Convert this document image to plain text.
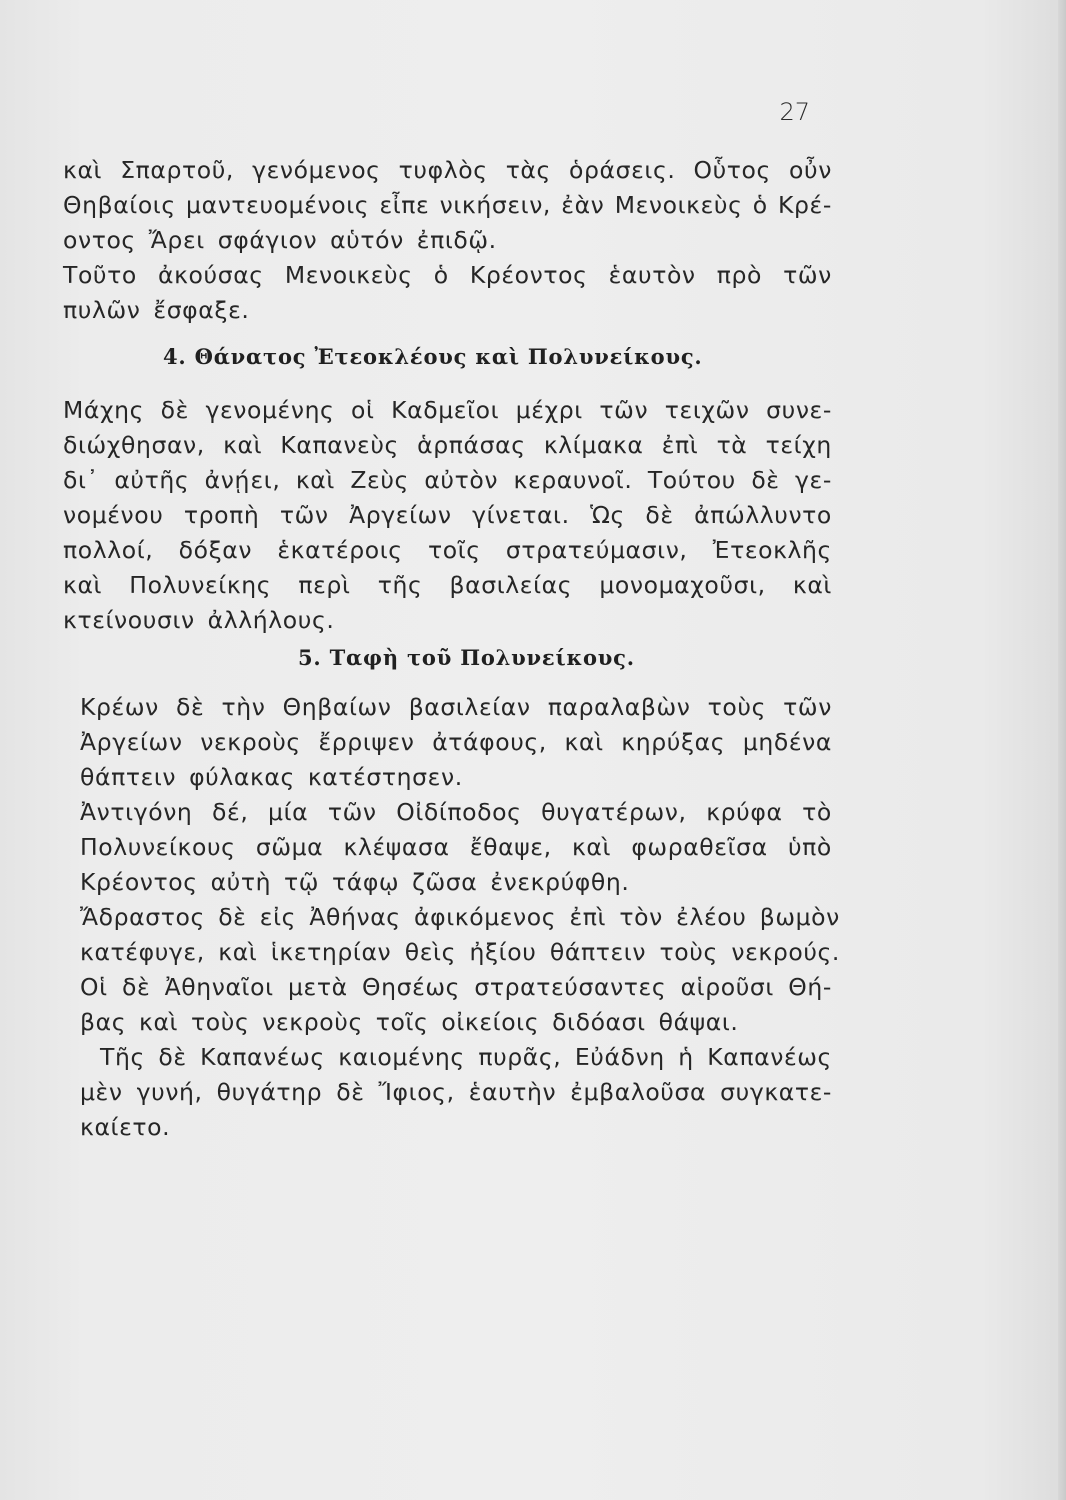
27
καὶ Σπαρτοῦ, γενόμενος τυφλὸς τὰς ὁράσεις. Οὗτος οὖν
Θηβαίοις μαντευομένοις εἶπε νικήσειν, ἐὰν Μενοικεὺς ὁ Κρέ-
οντος Ἄρει σφάγιον αὑτόν ἐπιδῷ.
Τοῦτο ἀκούσας Μενοικεὺς ὁ Κρέοντος ἑαυτὸν πρὸ τῶν
πυλῶν ἔσφαξε.
4. Θάνατος Ἐτεοκλέους καὶ Πολυνείκους.
Μάχης δὲ γενομένης οἱ Καδμεῖοι μέχρι τῶν τειχῶν συνε-
διώχθησαν, καὶ Καπανεὺς ἁρπάσας κλίμακα ἐπὶ τὰ τείχη
δι᾽ αὐτῆς ἀνῄει, καὶ Ζεὺς αὐτὸν κεραυνοῖ. Τούτου δὲ γε-
νομένου τροπὴ τῶν Ἀργείων γίνεται. Ὡς δὲ ἀπώλλυντο
πολλοί, δόξαν ἑκατέροις τοῖς στρατεύμασιν, Ἐτεοκλῆς
καὶ Πολυνείκης περὶ τῆς βασιλείας μονομαχοῦσι, καὶ
κτείνουσιν ἀλλήλους.
5. Ταφὴ τοῦ Πολυνείκους.
Κρέων δὲ τὴν Θηβαίων βασιλείαν παραλαβὼν τοὺς τῶν
Ἀργείων νεκροὺς ἔρριψεν ἀτάφους, καὶ κηρύξας μηδένα
θάπτειν φύλακας κατέστησεν.
Ἀντιγόνη δέ, μία τῶν Οἰδίποδος θυγατέρων, κρύφα τὸ
Πολυνείκους σῶμα κλέψασα ἔθαψε, καὶ φωραθεῖσα ὑπὸ
Κρέοντος αὐτὴ τῷ τάφῳ ζῶσα ἐνεκρύφθη.
Ἄδραστος δὲ εἰς Ἀθήνας ἀφικόμενος ἐπὶ τὸν ἐλέου βωμὸν
κατέφυγε, καὶ ἱκετηρίαν θεὶς ἠξίου θάπτειν τοὺς νεκρούς.
Οἱ δὲ Ἀθηναῖοι μετὰ Θησέως στρατεύσαντες αἱροῦσι Θή-
βας καὶ τοὺς νεκροὺς τοῖς οἰκείοις διδόασι θάψαι.
Τῆς δὲ Καπανέως καιομένης πυρᾶς, Εὐάδνη ἡ Καπανέως
μὲν γυνή, θυγάτηρ δὲ Ἴφιος, ἑαυτὴν ἐμβαλοῦσα συγκατε-
καίετο.
